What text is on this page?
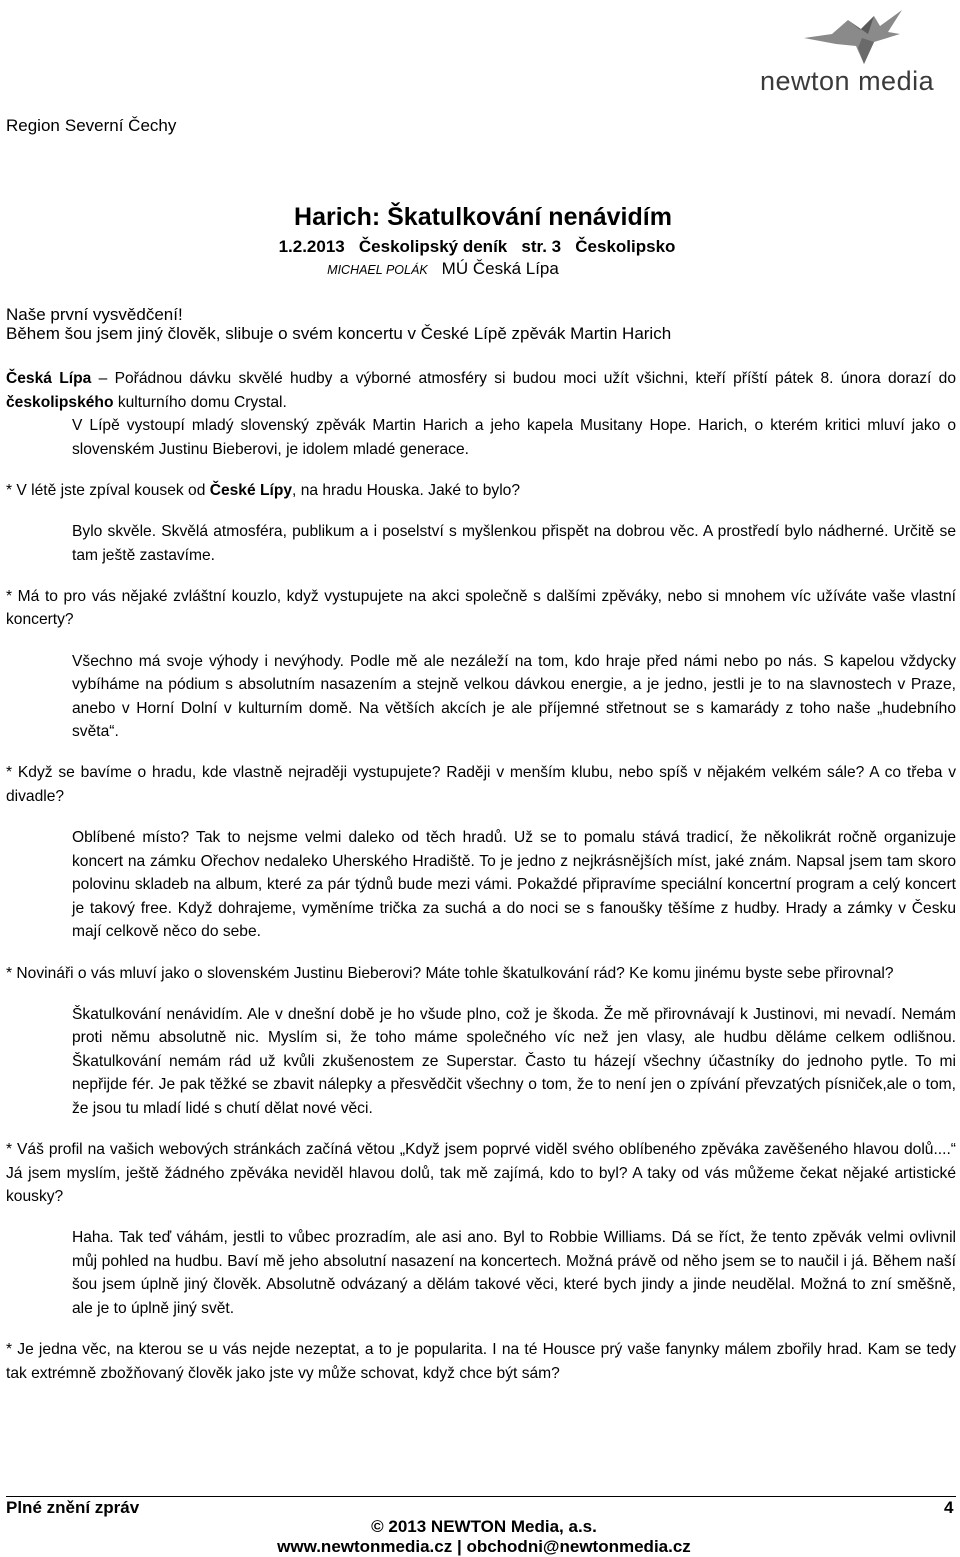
newton media
Region Severní Čechy
Harich: Škatulkování nenávidím
1.2.2013   Českolipský deník   str. 3   Českolipsko
MICHAEL POLÁK MÚ Česká Lípa
Naše první vysvědčení!
Během šou jsem jiný člověk, slibuje o svém koncertu v České Lípě zpěvák Martin Harich

Česká Lípa – Pořádnou dávku skvělé hudby a výborné atmosféry si budou moci užít všichni, kteří příští pátek 8. února dorazí do českolipského kulturního domu Crystal.

V Lípě vystoupí mladý slovenský zpěvák Martin Harich a jeho kapela Musitany Hope. Harich, o kterém kritici mluví jako o slovenském Justinu Bieberovi, je idolem mladé generace.

* V létě jste zpíval kousek od České Lípy, na hradu Houska. Jaké to bylo?

Bylo skvěle. Skvělá atmosféra, publikum a i poselství s myšlenkou přispět na dobrou věc. A prostředí bylo nádherné. Určitě se tam ještě zastavíme.

* Má to pro vás nějaké zvláštní kouzlo, když vystupujete na akci společně s dalšími zpěváky, nebo si mnohem víc užíváte vaše vlastní koncerty?

Všechno má svoje výhody i nevýhody. Podle mě ale nezáleží na tom, kdo hraje před námi nebo po nás. S kapelou vždycky vybíháme na pódium s absolutním nasazením a stejně velkou dávkou energie, a je jedno, jestli je to na slavnostech v Praze, anebo v Horní Dolní v kulturním domě. Na větších akcích je ale příjemné střetnout se s kamarády z toho naše „hudebního světa“.

* Když se bavíme o hradu, kde vlastně nejraději vystupujete? Raději v menším klubu, nebo spíš v nějakém velkém sále? A co třeba v divadle?

Oblíbené místo? Tak to nejsme velmi daleko od těch hradů. Už se to pomalu stává tradicí, že několikrát ročně organizuje koncert na zámku Ořechov nedaleko Uherského Hradiště. To je jedno z nejkrásnějších míst, jaké znám. Napsal jsem tam skoro polovinu skladeb na album, které za pár týdnů bude mezi vámi. Pokaždé připravíme speciální koncertní program a celý koncert je takový free. Když dohrajeme, vyměníme trička za suchá a do noci se s fanoušky těšíme z hudby. Hrady a zámky v Česku mají celkově něco do sebe.

* Novináři o vás mluví jako o slovenském Justinu Bieberovi? Máte tohle škatulkování rád? Ke komu jinému byste sebe přirovnal?

Škatulkování nenávidím. Ale v dnešní době je ho všude plno, což je škoda. Že mě přirovnávají k Justinovi, mi nevadí. Nemám proti němu absolutně nic. Myslím si, že toho máme společného víc než jen vlasy, ale hudbu děláme celkem odlišnou. Škatulkování nemám rád už kvůli zkušenostem ze Superstar. Často tu házejí všechny účastníky do jednoho pytle. To mi nepřijde fér. Je pak těžké se zbavit nálepky a přesvědčit všechny o tom, že to není jen o zpívání převzatých písniček,ale o tom, že jsou tu mladí lidé s chutí dělat nové věci.

* Váš profil na vašich webových stránkách začíná větou „Když jsem poprvé viděl svého oblíbeného zpěváka zavěšeného hlavou dolů....“ Já jsem myslím, ještě žádného zpěváka neviděl hlavou dolů, tak mě zajímá, kdo to byl? A taky od vás můžeme čekat nějaké artistické kousky?

Haha. Tak teď váhám, jestli to vůbec prozradím, ale asi ano. Byl to Robbie Williams. Dá se říct, že tento zpěvák velmi ovlivnil můj pohled na hudbu. Baví mě jeho absolutní nasazení na koncertech. Možná právě od něho jsem se to naučil i já. Během naší šou jsem úplně jiný člověk. Absolutně odvázaný a dělám takové věci, které bych jindy a jinde neudělal. Možná to zní směšně, ale je to úplně jiný svět.

* Je jedna věc, na kterou se u vás nejde nezeptat, a to je popularita. I na té Housce prý vaše fanynky málem zbořily hrad. Kam se tedy tak extrémně zbožňovaný člověk jako jste vy může schovat, když chce být sám?

Plné znění zpráv	4
© 2013 NEWTON Media, a.s.
www.newtonmedia.cz | obchodni@newtonmedia.cz
